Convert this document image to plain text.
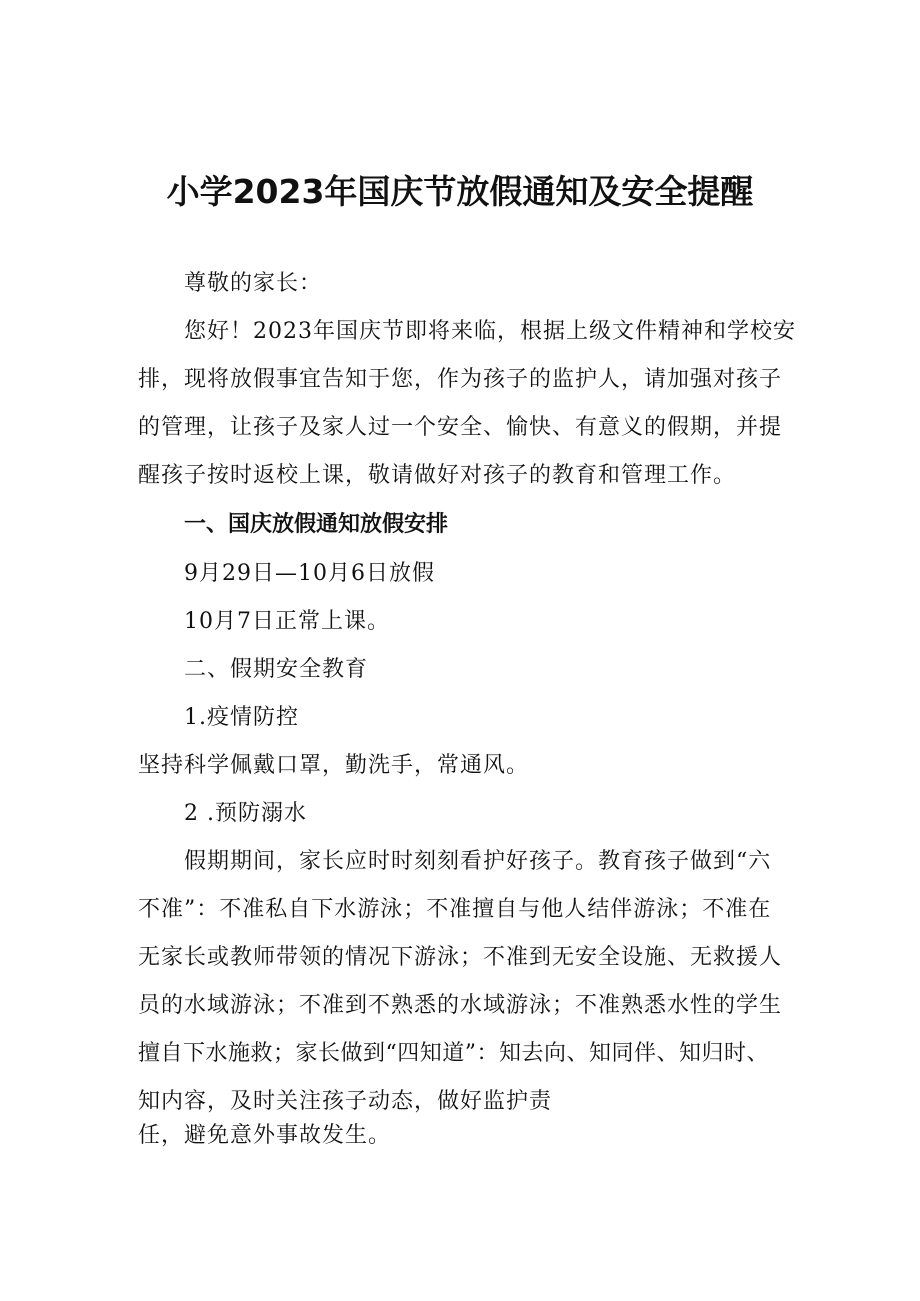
小学2023年国庆节放假通知及安全提醒

尊敬的家长：

您好！2023年国庆节即将来临，根据上级文件精神和学校安

排，现将放假事宜告知于您，作为孩子的监护人，请加强对孩子

的管理，让孩子及家人过一个安全、愉快、有意义的假期，并提

醒孩子按时返校上课，敬请做好对孩子的教育和管理工作。

一、国庆放假通知放假安排

9月29日—10月6日放假

10月7日正常上课。

二、假期安全教育

1.疫情防控

坚持科学佩戴口罩，勤洗手，常通风。

2 .预防溺水

假期期间，家长应时时刻刻看护好孩子。教育孩子做到“六

不准”：不准私自下水游泳；不准擅自与他人结伴游泳；不准在

无家长或教师带领的情况下游泳；不准到无安全设施、无救援人

员的水域游泳；不准到不熟悉的水域游泳；不准熟悉水性的学生

擅自下水施救；家长做到“四知道”：知去向、知同伴、知归时、

知内容，及时关注孩子动态，做好监护责

任，避免意外事故发生。
